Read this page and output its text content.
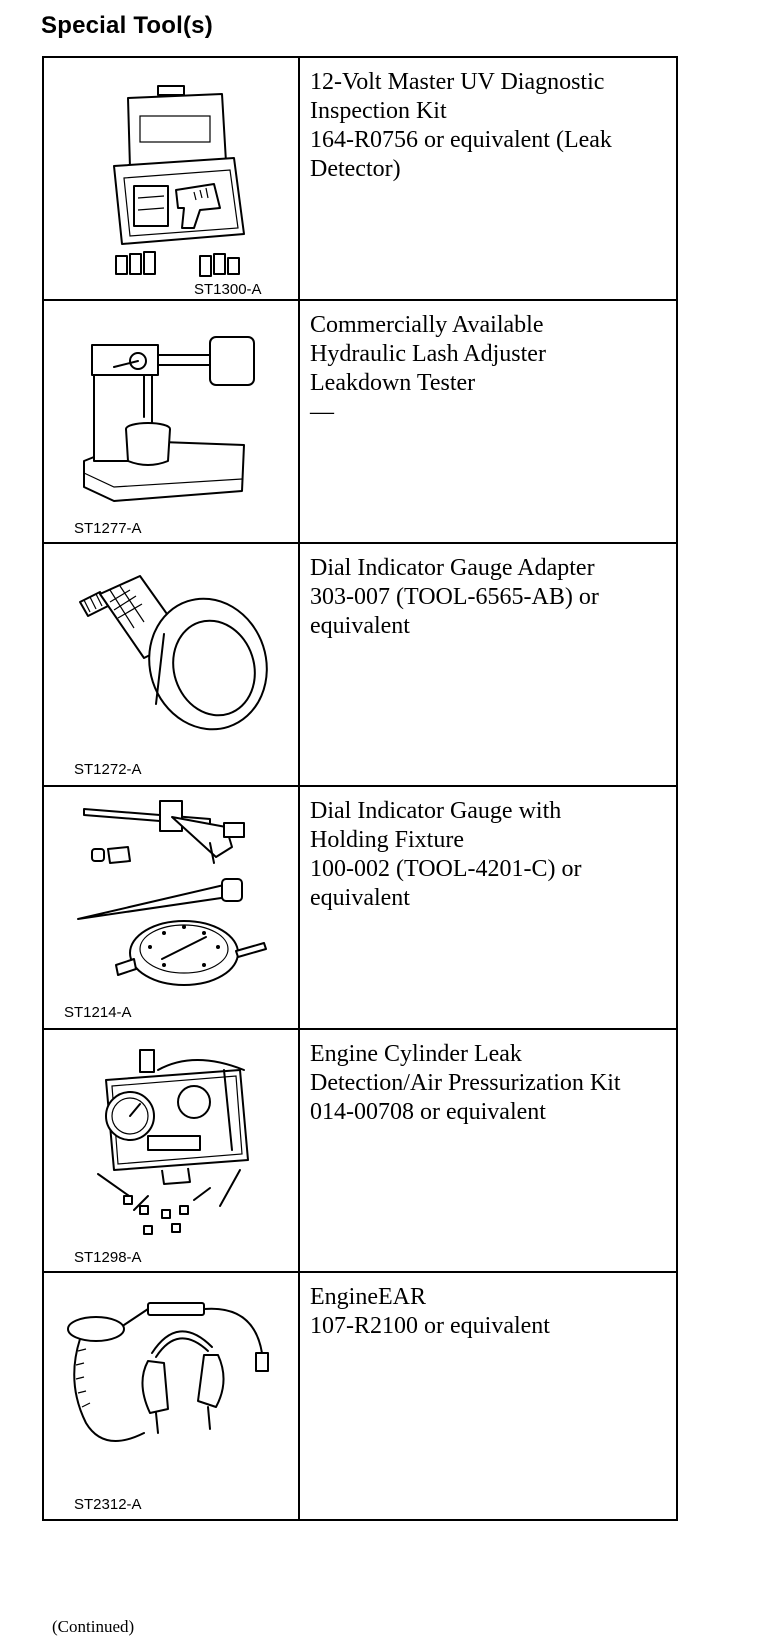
Special Tool(s)
ST1300-A	12-Volt Master UV Diagnostic
Inspection Kit
164-R0756 or equivalent (Leak
Detector)

ST1277-A	Commercially Available
Hydraulic Lash Adjuster
Leakdown Tester
—

ST1272-A	Dial Indicator Gauge Adapter
303-007 (TOOL-6565-AB) or
equivalent

ST1214-A	Dial Indicator Gauge with
Holding Fixture
100-002 (TOOL-4201-C) or
equivalent

ST1298-A	Engine Cylinder Leak
Detection/Air Pressurization Kit
014-00708 or equivalent

ST2312-A	EngineEAR
107-R2100 or equivalent
(Continued)
